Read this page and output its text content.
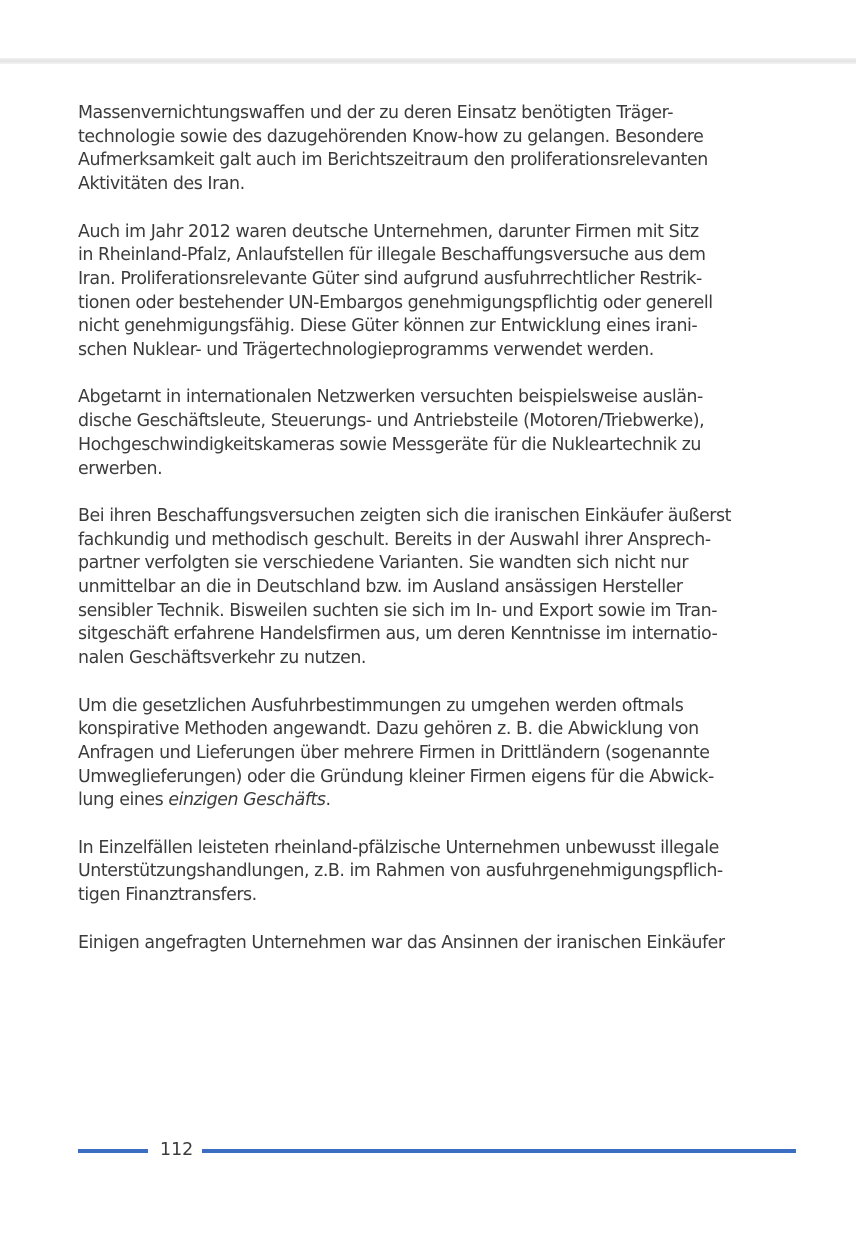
Massenvernichtungswaffen und der zu deren Einsatz benötigten Träger-
technologie sowie des dazugehörenden Know-how zu gelangen. Besondere
Aufmerksamkeit galt auch im Berichtszeitraum den proliferationsrelevanten
Aktivitäten des Iran.

Auch im Jahr 2012 waren deutsche Unternehmen, darunter Firmen mit Sitz
in Rheinland-Pfalz, Anlaufstellen für illegale Beschaffungsversuche aus dem
Iran. Proliferationsrelevante Güter sind aufgrund ausfuhrrechtlicher Restrik-
tionen oder bestehender UN-Embargos genehmigungspflichtig oder generell
nicht genehmigungsfähig. Diese Güter können zur Entwicklung eines irani-
schen Nuklear- und Trägertechnologieprogramms verwendet werden.

Abgetarnt in internationalen Netzwerken versuchten beispielsweise auslän-
dische Geschäftsleute, Steuerungs- und Antriebsteile (Motoren/Triebwerke),
Hochgeschwindigkeitskameras sowie Messgeräte für die Nukleartechnik zu
erwerben.

Bei ihren Beschaffungsversuchen zeigten sich die iranischen Einkäufer äußerst
fachkundig und methodisch geschult. Bereits in der Auswahl ihrer Ansprech-
partner verfolgten sie verschiedene Varianten. Sie wandten sich nicht nur
unmittelbar an die in Deutschland bzw. im Ausland ansässigen Hersteller
sensibler Technik. Bisweilen suchten sie sich im In- und Export sowie im Tran-
sitgeschäft erfahrene Handelsfirmen aus, um deren Kenntnisse im internatio-
nalen Geschäftsverkehr zu nutzen.

Um die gesetzlichen Ausfuhrbestimmungen zu umgehen werden oftmals
konspirative Methoden angewandt. Dazu gehören z. B. die Abwicklung von
Anfragen und Lieferungen über mehrere Firmen in Drittländern (sogenannte
Umweglieferungen) oder die Gründung kleiner Firmen eigens für die Abwick-
lung eines einzigen Geschäfts.

In Einzelfällen leisteten rheinland-pfälzische Unternehmen unbewusst illegale
Unterstützungshandlungen, z.B. im Rahmen von ausfuhrgenehmigungspflich-
tigen Finanztransfers.

Einigen angefragten Unternehmen war das Ansinnen der iranischen Einkäufer

112
